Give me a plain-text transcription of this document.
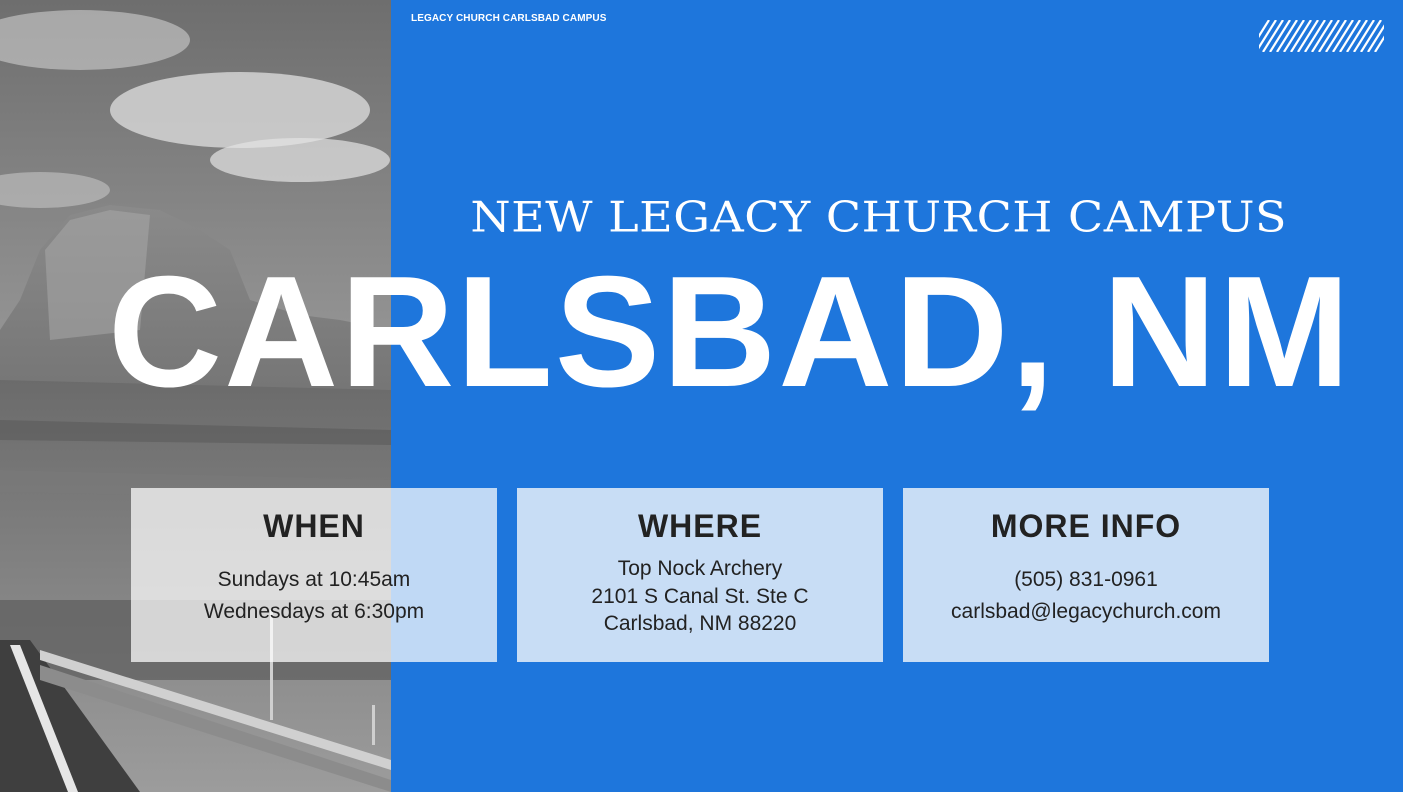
LEGACY CHURCH CARLSBAD CAMPUS
NEW LEGACY CHURCH CAMPUS
CARLSBAD, NM
WHEN
Sundays at 10:45am
Wednesdays at 6:30pm
WHERE
Top Nock Archery
2101 S Canal St. Ste C
Carlsbad, NM 88220
MORE INFO
(505) 831-0961
carlsbad@legacychurch.com
